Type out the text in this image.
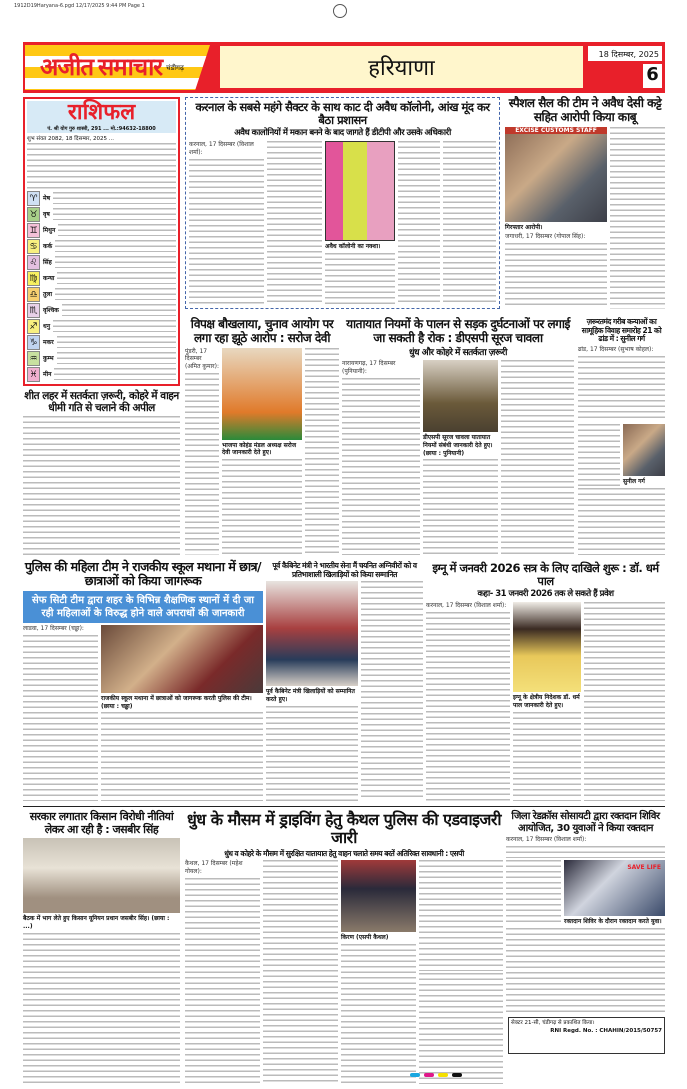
1912D19Haryana-6.pgd 12/17/2025 9:44 PM Page 1
अजीत समाचार चंडीगढ़	हरियाणा
18 दिसम्बर, 2025
6
राशिफल
पं. श्री योग गुरु शास्त्री, 291 ... मो.:94632-18800
शुभ संवत 2082, 18 दिसम्बर, 2025 ...
♈ मेष
♉ वृष
♊ मिथुन
♋ कर्क
♌ सिंह
♍ कन्या
♎ तुला
♏ वृश्चिक
♐ धनु
♑ मकर
♒ कुम्भ
♓ मीन
शीत लहर में सतर्कता ज़रूरी, कोहरे में वाहन धीमी गति से चलाने की अपील
करनाल के सबसे महंगे सैक्टर के साथ काट दी अवैध कॉलोनी, आंख मूंद कर बैठा प्रशासन
अवैध कालोनियों में मकान बनने के बाद जागते हैं डीटीपी और उसके अधिकारी
करनाल, 17 दिसम्बर (विशाल शर्मा):
अवैध कॉलोनी का नक्शा।
स्पैशल सैल की टीम ने अवैध देसी कट्टे सहित आरोपी किया काबू
EXCISE CUSTOMS STAFF
गिरफ्तार आरोपी।
जगाधरी, 17 दिसम्बर (गोपाल सिंह):
विपक्ष बौखलाया, चुनाव आयोग पर लगा रहा झूठे आरोप : सरोज देवी
पूंडरी, 17 दिसम्बर (अमित कुमार):
भाजपा कोहंड मंडल अध्यक्ष सरोज देवी जानकारी देते हुए।
यातायात नियमों के पालन से सड़क दुर्घटनाओं पर लगाई जा सकती है रोक : डीएसपी सूरज चावला
धुंध और कोहरे में सतर्कता ज़रूरी
नारायणगढ़, 17 दिसम्बर (पुनियानी):
डीएसपी सूरज चावला यातायात नियमों संबंधी जानकारी देते हुए। (छाया : पुनियानी)
ज़रूरतमंद गरीब कन्याओं का सामूहिक विवाह समारोह 21 को ढांड में : सुनील गर्ग
ढांड, 17 दिसम्बर (सुभाष कोहल):
सुनील गर्ग
पुलिस की महिला टीम ने राजकीय स्कूल मथाना में छात्र/छात्राओं को किया जागरूक
सेफ सिटी टीम द्वारा शहर के विभिन्न शैक्षणिक स्थानों में दी जा रही महिलाओं के विरुद्ध होने वाले अपराधों की जानकारी
लाडवा, 17 दिसम्बर (चड्ढा):
राजकीय स्कूल मथाना में छात्राओं को जागरूक करती पुलिस की टीम। (छाया : चड्ढा)
पूर्व कैबिनेट मंत्री ने भारतीय सेना मैं चयनित अग्निवीरों को व प्रतिभाशाली खिलाड़ियों को किया सम्मानित
पूर्व कैबिनेट मंत्री खिलाड़ियों को सम्मानित करते हुए।
इग्नू में जनवरी 2026 सत्र के लिए दाखिले शुरू : डॉ. धर्म पाल
कहा- 31 जनवरी 2026 तक ले सकते हैं प्रवेश
करनाल, 17 दिसम्बर (विशाल शर्मा):
इग्नू के क्षेत्रीय निदेशक डॉ. धर्म पाल जानकारी देते हुए।
सरकार लगातार किसान विरोधी नीतियां लेकर आ रही है : जसबीर सिंह
बैठक में भाग लेते हुए किसान यूनियन प्रधान जसबीर सिंह। (छाया : ...)
धुंध के मौसम में ड्राइविंग हेतु कैथल पुलिस की एडवाइजरी जारी
धुंध व कोहरे के मौसम में सुरक्षित यातायात हेतु वाहन चलाते समय बरतें अतिरिक्त सावधानी : एसपी
कैथल, 17 दिसम्बर (महेश गोयल):
किरण (एसपी कैथल)
जिला रेडक्रॉस सोसायटी द्वारा रक्तदान शिविर आयोजित, 30 युवाओं ने किया रक्तदान
करनाल, 17 दिसम्बर (विशाल शर्मा):
SAVE LIFE
रक्तदान शिविर के दौरान रक्तदान करते युवा।
सेक्टर 21-सी, चंडीगढ़ से प्रकाशित किया।
RNI Regd. No. : CHAHIN/2015/50757
